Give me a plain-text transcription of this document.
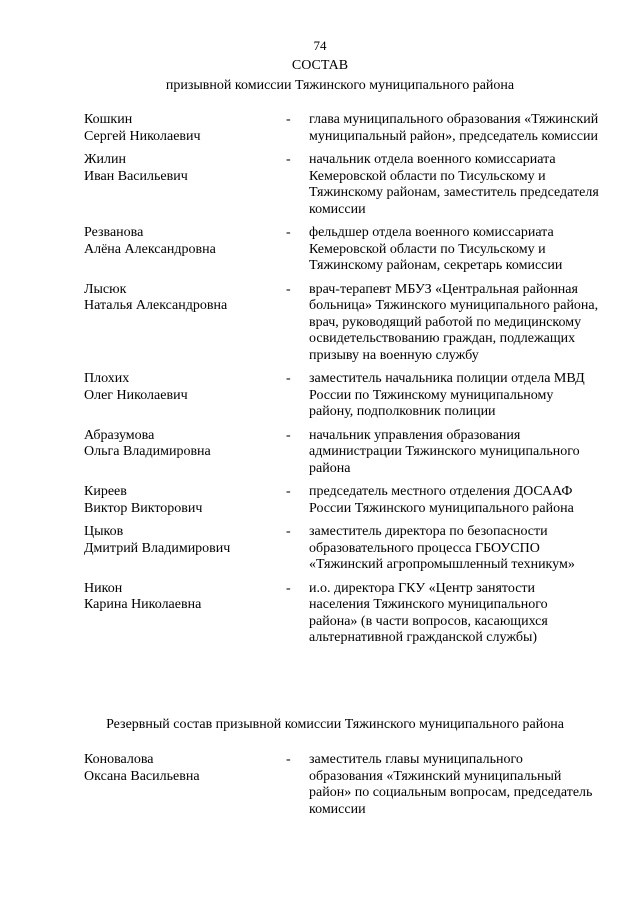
74
СОСТАВ
призывной комиссии Тяжинского муниципального района
Кошкин
Сергей Николаевич
- глава муниципального образования «Тяжинский муниципальный район», председатель комиссии
Жилин
Иван Васильевич
- начальник отдела военного комиссариата Кемеровской области по Тисульскому и Тяжинскому районам, заместитель председателя комиссии
Резванова
Алёна Александровна
- фельдшер отдела военного комиссариата Кемеровской области по Тисульскому и Тяжинскому районам, секретарь комиссии
Лысюк
Наталья Александровна
- врач-терапевт МБУЗ «Центральная районная больница» Тяжинского муниципального района, врач, руководящий работой по медицинскому освидетельствованию граждан, подлежащих призыву на военную службу
Плохих
Олег Николаевич
- заместитель начальника полиции отдела МВД России по Тяжинскому муниципальному району, подполковник полиции
Абразумова
Ольга Владимировна
- начальник управления образования администрации Тяжинского муниципального района
Киреев
Виктор Викторович
- председатель местного отделения ДОСААФ России Тяжинского муниципального района
Цыков
Дмитрий Владимирович
- заместитель директора по безопасности образовательного процесса ГБОУСПО «Тяжинский агропромышленный техникум»
Никон
Карина Николаевна
- и.о. директора ГКУ «Центр занятости населения Тяжинского муниципального района» (в части вопросов, касающихся альтернативной гражданской службы)
Резервный состав призывной комиссии Тяжинского муниципального района
Коновалова
Оксана Васильевна
- заместитель главы муниципального образования «Тяжинский муниципальный район» по социальным вопросам, председатель комиссии
